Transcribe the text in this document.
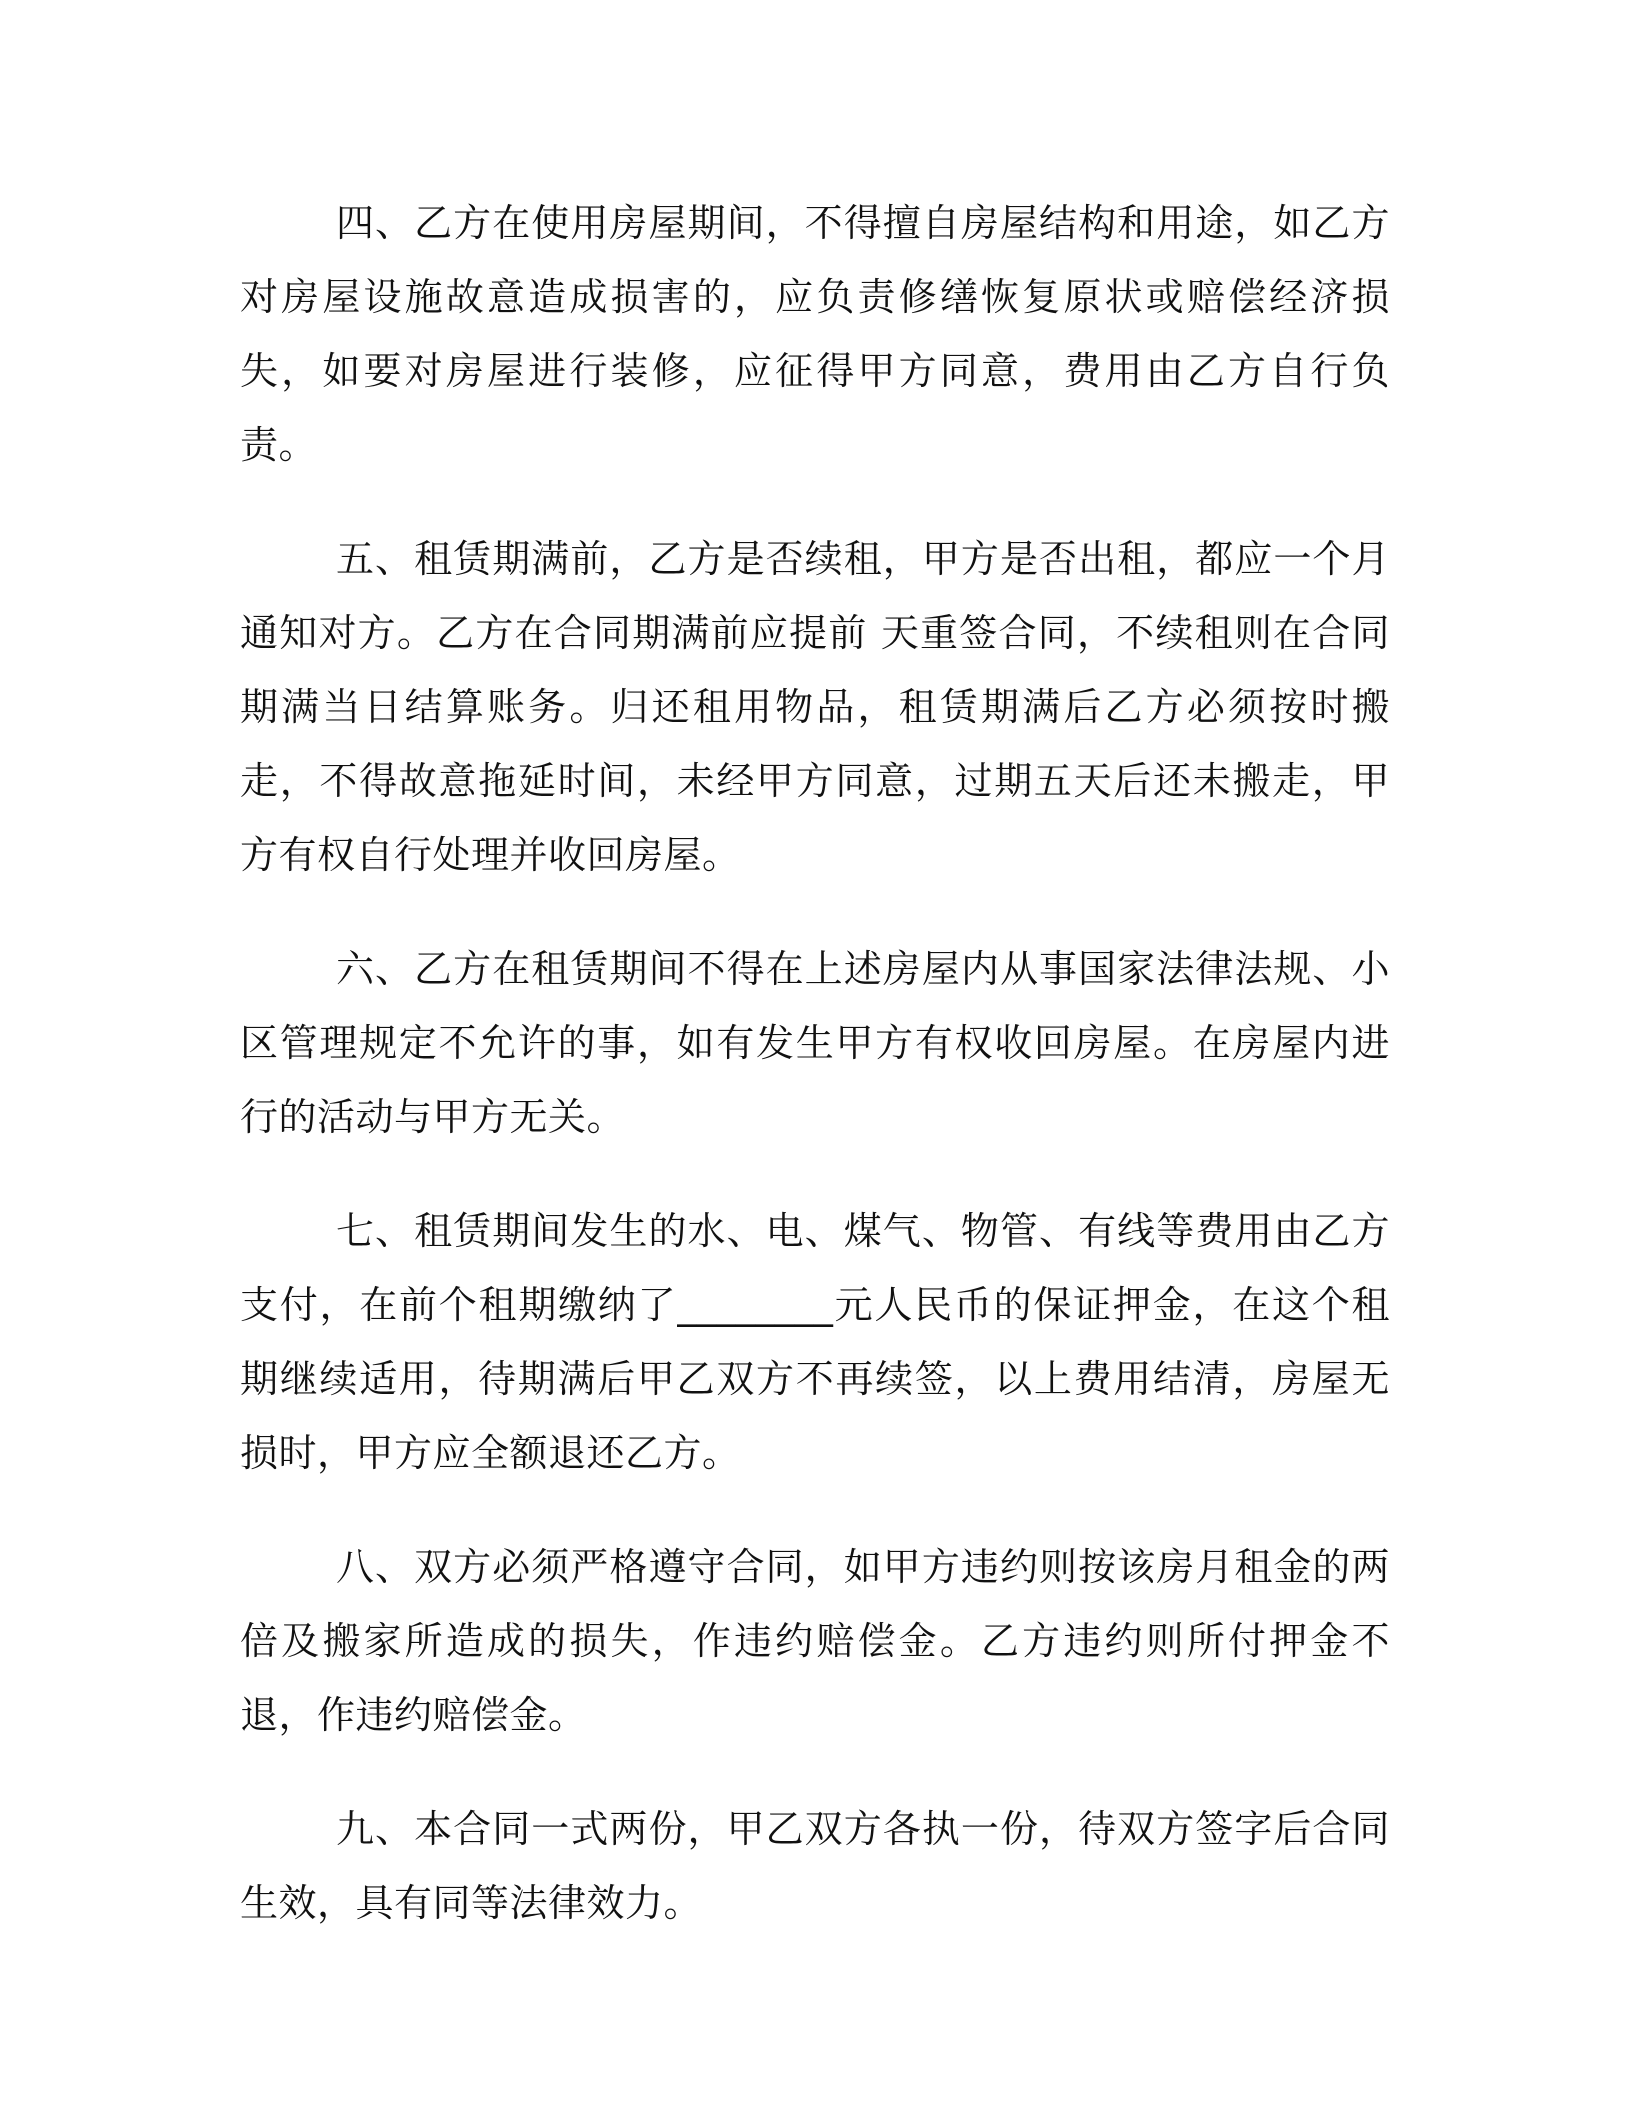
四、乙方在使用房屋期间，不得擅自房屋结构和用途，如乙方对房屋设施故意造成损害的，应负责修缮恢复原状或赔偿经济损失，如要对房屋进行装修，应征得甲方同意，费用由乙方自行负责。

五、租赁期满前，乙方是否续租，甲方是否出租，都应一个月通知对方。乙方在合同期满前应提前 天重签合同，不续租则在合同期满当日结算账务。归还租用物品，租赁期满后乙方必须按时搬走，不得故意拖延时间，未经甲方同意，过期五天后还未搬走，甲方有权自行处理并收回房屋。

六、乙方在租赁期间不得在上述房屋内从事国家法律法规、小区管理规定不允许的事，如有发生甲方有权收回房屋。在房屋内进行的活动与甲方无关。

七、租赁期间发生的水、电、煤气、物管、有线等费用由乙方支付，在前个租期缴纳了________元人民币的保证押金，在这个租期继续适用，待期满后甲乙双方不再续签，以上费用结清，房屋无损时，甲方应全额退还乙方。

八、双方必须严格遵守合同，如甲方违约则按该房月租金的两倍及搬家所造成的损失，作违约赔偿金。乙方违约则所付押金不退，作违约赔偿金。

九、本合同一式两份，甲乙双方各执一份，待双方签字后合同生效，具有同等法律效力。
